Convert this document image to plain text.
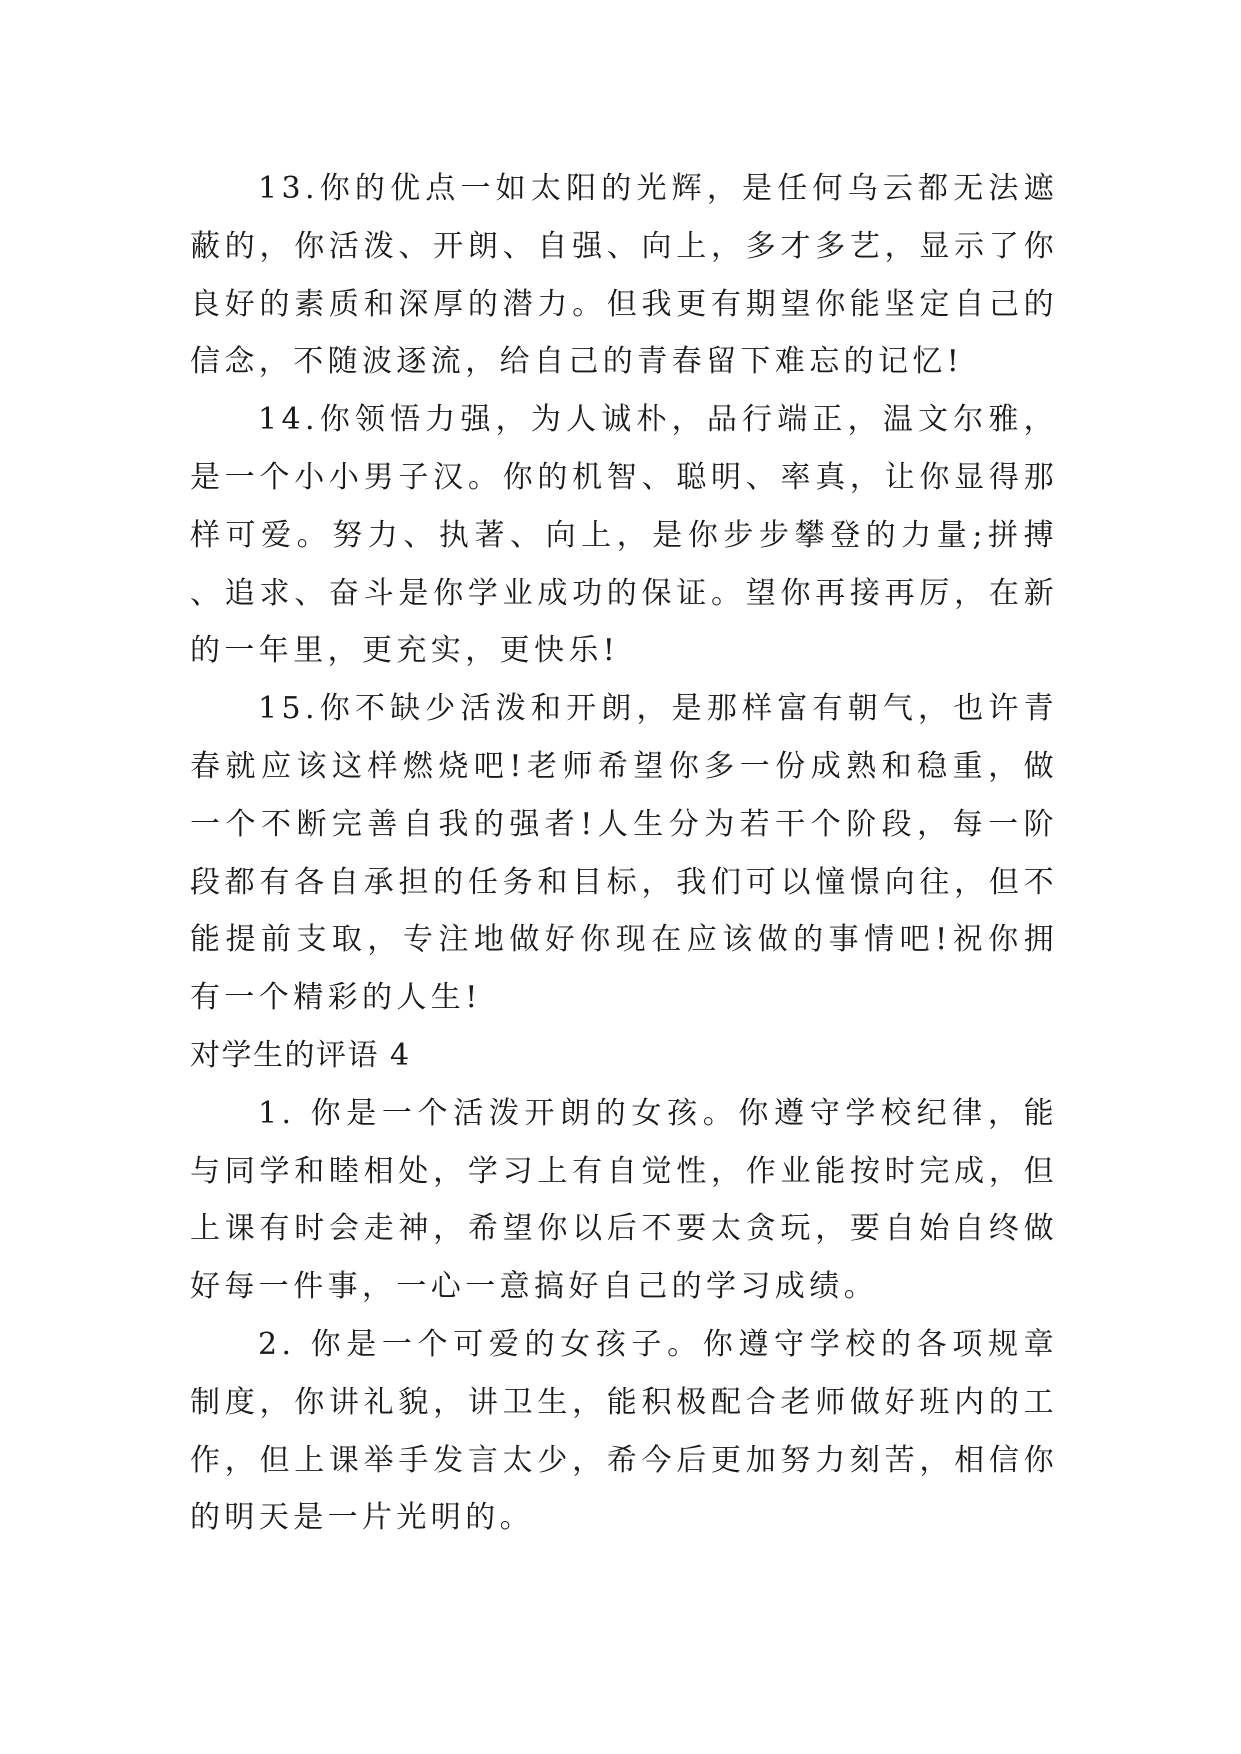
13.你的优点一如太阳的光辉，是任何乌云都无法遮蔽的，你活泼、开朗、自强、向上，多才多艺，显示了你良好的素质和深厚的潜力。但我更有期望你能坚定自己的信念，不随波逐流，给自己的青春留下难忘的记忆!

14.你领悟力强，为人诚朴，品行端正，温文尔雅，是一个小小男子汉。你的机智、聪明、率真，让你显得那样可爱。努力、执著、向上，是你步步攀登的力量;拼搏、追求、奋斗是你学业成功的保证。望你再接再厉，在新的一年里，更充实，更快乐!

15.你不缺少活泼和开朗，是那样富有朝气，也许青春就应该这样燃烧吧!老师希望你多一份成熟和稳重，做一个不断完善自我的强者!人生分为若干个阶段，每一阶段都有各自承担的任务和目标，我们可以憧憬向往，但不能提前支取，专注地做好你现在应该做的事情吧!祝你拥有一个精彩的人生!

对学生的评语 4

1. 你是一个活泼开朗的女孩。你遵守学校纪律，能与同学和睦相处，学习上有自觉性，作业能按时完成，但上课有时会走神，希望你以后不要太贪玩，要自始自终做好每一件事，一心一意搞好自己的学习成绩。

2. 你是一个可爱的女孩子。你遵守学校的各项规章制度，你讲礼貌，讲卫生，能积极配合老师做好班内的工作，但上课举手发言太少，希今后更加努力刻苦，相信你的明天是一片光明的。
